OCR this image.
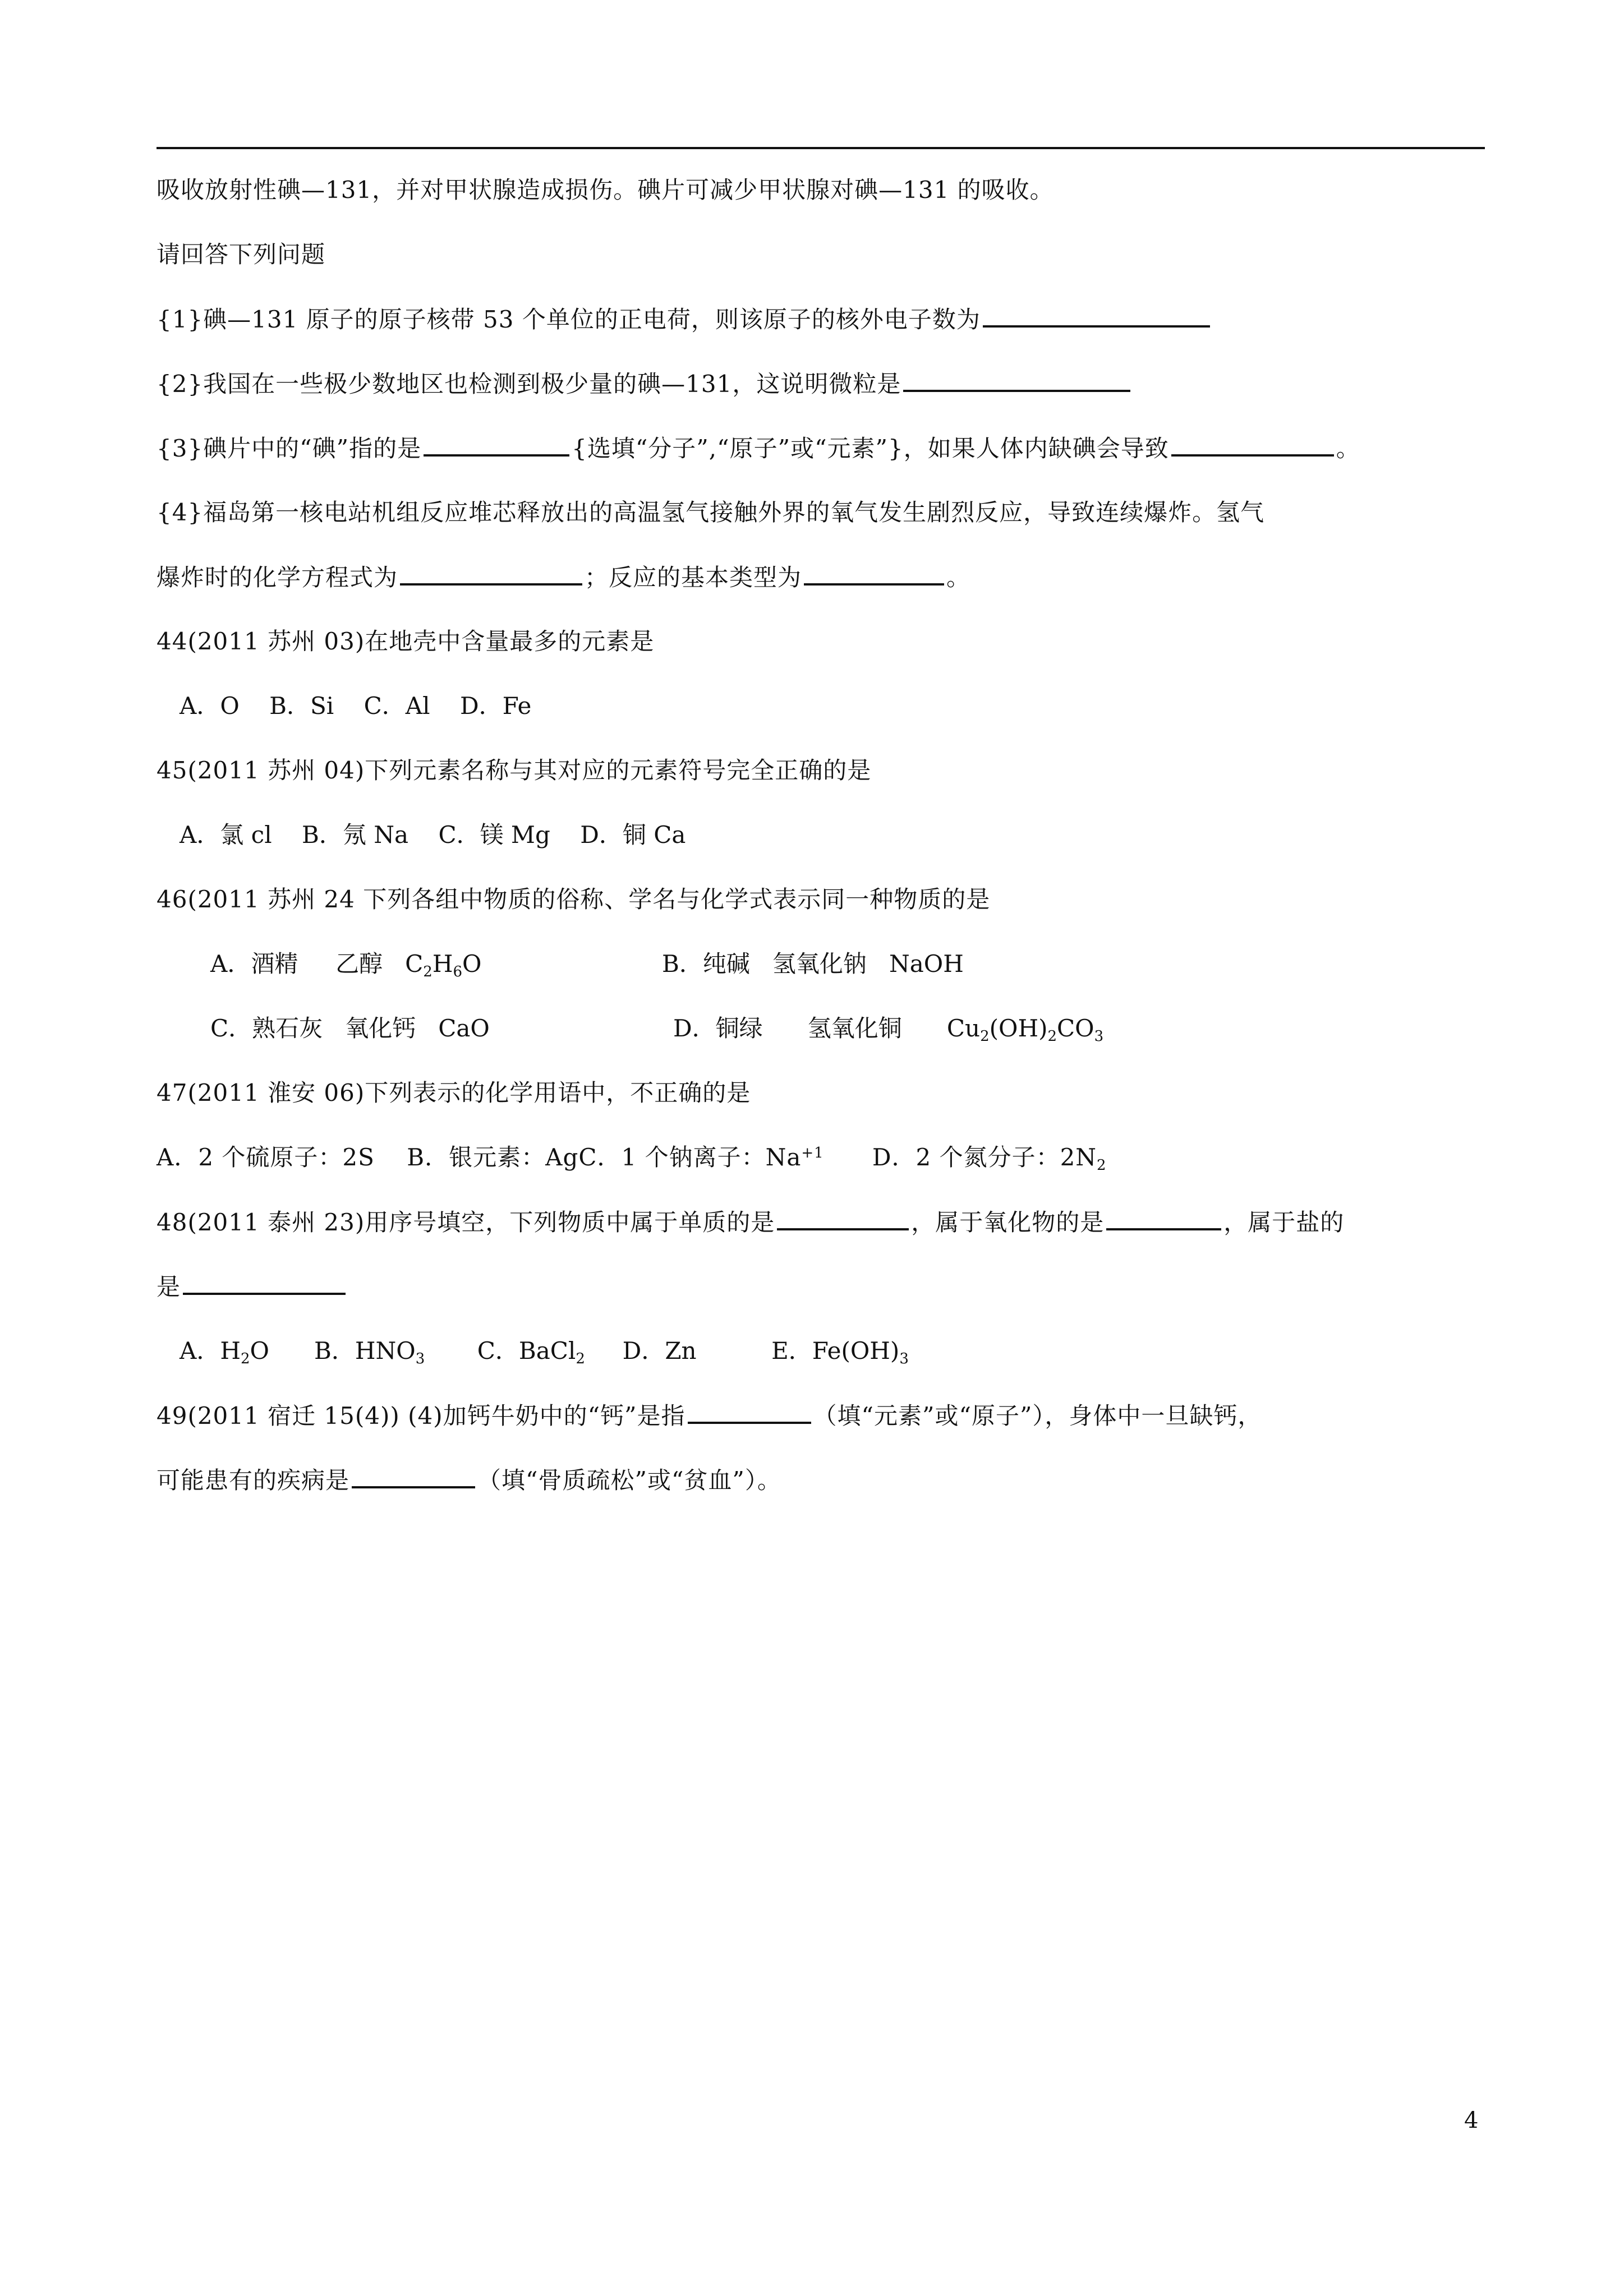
吸收放射性碘—131，并对甲状腺造成损伤。碘片可减少甲状腺对碘—131 的吸收。
请回答下列问题
{1}碘—131 原子的原子核带 53 个单位的正电荷，则该原子的核外电子数为
{2}我国在一些极少数地区也检测到极少量的碘—131，这说明微粒是
{3}碘片中的“碘”指的是	{选填“分子”,“原子”或“元素”}，如果人体内缺碘会导致	。
{4}福岛第一核电站机组反应堆芯释放出的高温氢气接触外界的氧气发生剧烈反应，导致连续爆炸。氢气
爆炸时的化学方程式为	；反应的基本类型为	。
44(2011 苏州 03)在地壳中含量最多的元素是
A．O    B．Si    C．Al    D．Fe
45(2011 苏州 04)下列元素名称与其对应的元素符号完全正确的是
A．氯 cl    B．氖 Na    C．镁 Mg    D．铜 Ca
46(2011 苏州 24 下列各组中物质的俗称、学名与化学式表示同一种物质的是
A．酒精     乙醇   $C_2H_6O$	B．纯碱   氢氧化钠   NaOH
C．熟石灰   氧化钙   CaO	D．铜绿      氢氧化铜      $Cu_2(OH)_2CO_3$
47(2011 淮安 06)下列表示的化学用语中，不正确的是
A．2 个硫原子：2S    B．银元素：AgC．1 个钠离子：$Na^{+1}$      D．2 个氮分子：$2N_2$
48(2011 泰州 23)用序号填空，下列物质中属于单质的是	，属于氧化物的是	，属于盐的
是
A．$H_2O$      B．$HNO_3$ C．BaCl$_2$ D．Zn	E．$Fe(OH)_3$
49(2011 宿迁 15(4)) (4)加钙牛奶中的“钙”是指	（填“元素”或“原子”），身体中一旦缺钙，
可能患有的疾病是	（填“骨质疏松”或“贫血”）。
4
